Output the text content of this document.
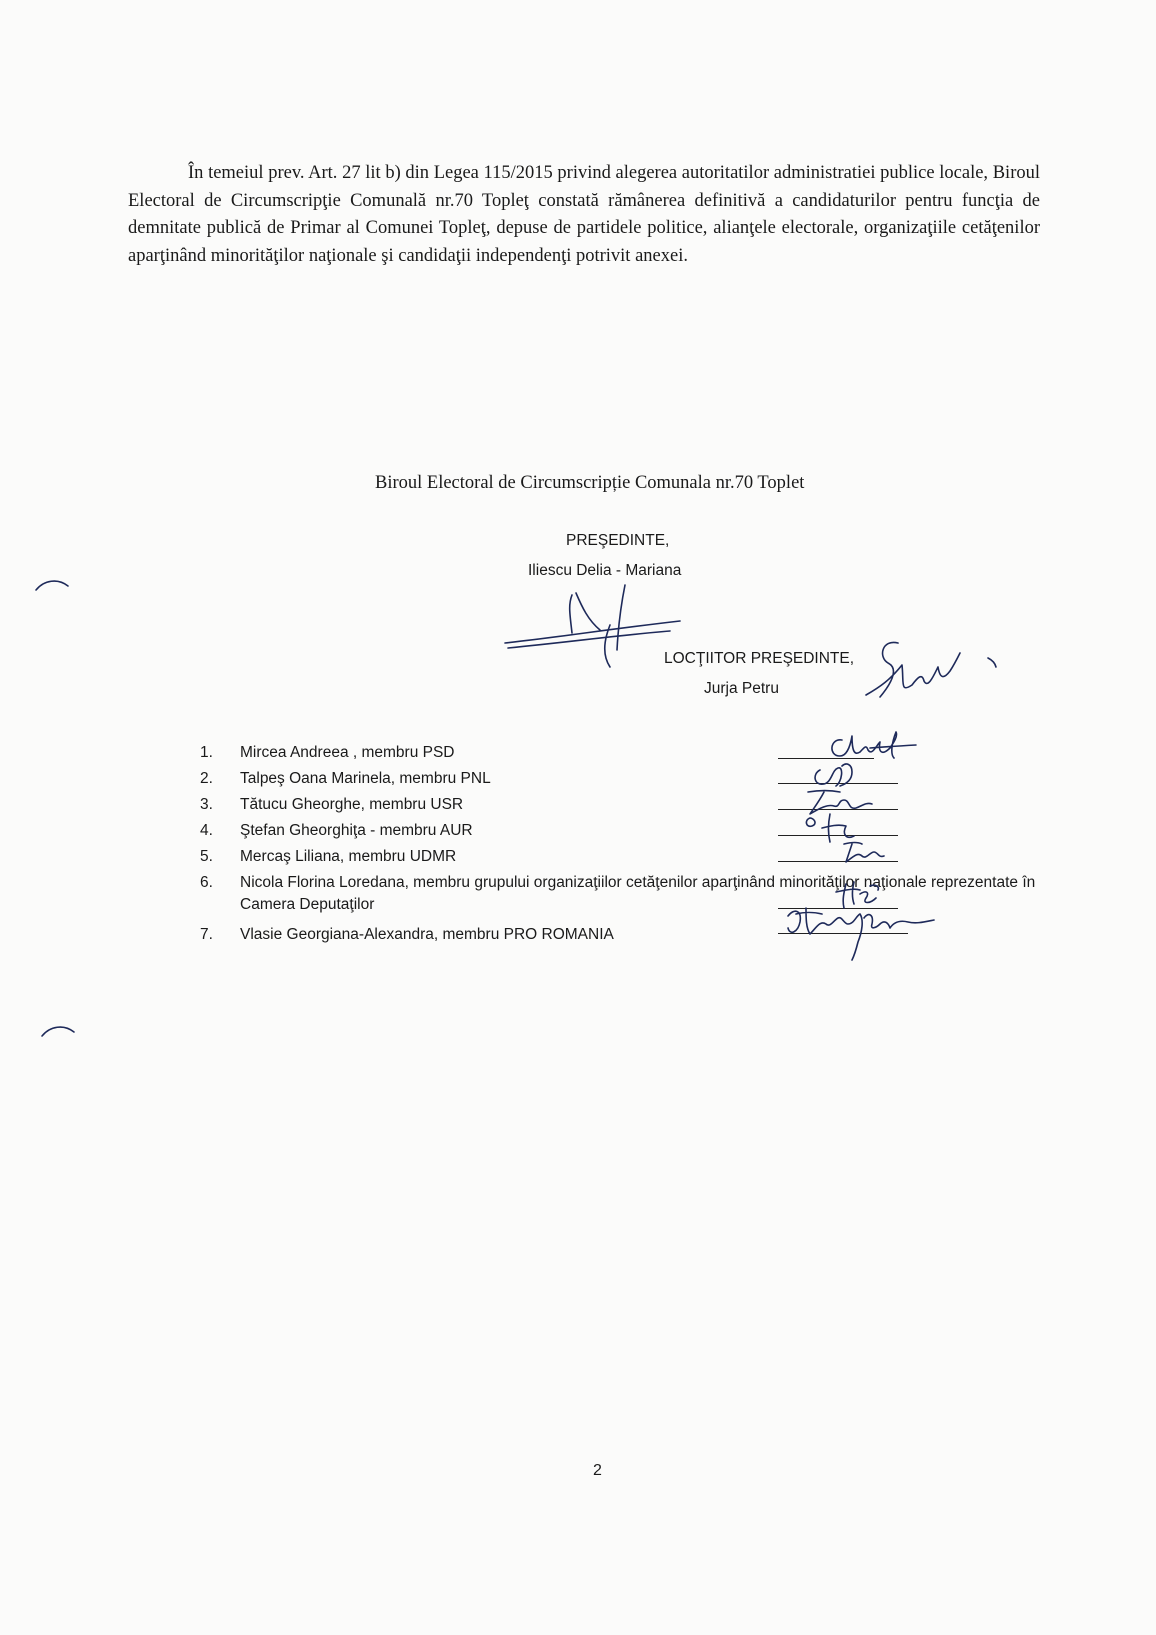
În temeiul prev. Art. 27 lit b) din Legea 115/2015 privind alegerea autoritatilor administratiei publice locale, Biroul Electoral de Circumscripţie Comunală nr.70 Topleţ constată rămânerea definitivă a candidaturilor pentru funcţia de demnitate publică de Primar al Comunei Topleţ, depuse de partidele politice, alianţele electorale, organizaţiile cetăţenilor aparţinând minorităţilor naţionale şi candidaţii independenţi potrivit anexei.

Biroul Electoral de Circumscripție Comunala nr.70 Toplet

PREŞEDINTE,

Iliescu Delia - Mariana

LOCŢIITOR PREŞEDINTE,

Jurja Petru

1. Mircea Andreea , membru PSD
2. Talpeş Oana Marinela, membru PNL
3. Tătucu Gheorghe, membru USR
4. Ştefan Gheorghiţa - membru AUR
5. Mercaş Liliana, membru UDMR
6. Nicola Florina Loredana, membru grupului organizaţiilor cetăţenilor aparţinând minorităţilor naţionale reprezentate în Camera Deputaţilor
7. Vlasie Georgiana-Alexandra, membru PRO ROMANIA

2
